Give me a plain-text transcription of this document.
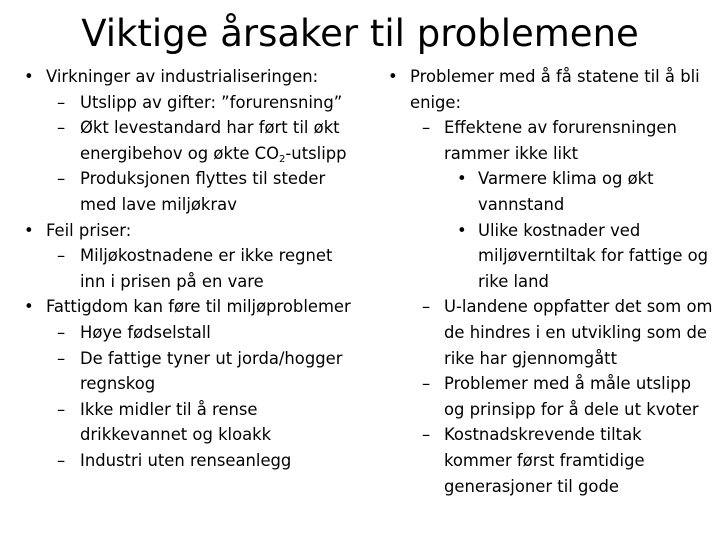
Viktige årsaker til problemene
• Virkninger av industrialiseringen:
– Utslipp av gifter: ”forurensning”
– Økt levestandard har ført til økt energibehov og økte $CO_2$-utslipp
– Produksjonen flyttes til steder med lave miljøkrav
• Feil priser:
– Miljøkostnadene er ikke regnet inn i prisen på en vare
• Fattigdom kan føre til miljøproblemer
– Høye fødselstall
– De fattige tyner ut jorda/hogger regnskog
– Ikke midler til å rense drikkevannet og kloakk
– Industri uten renseanlegg
• Problemer med å få statene til å bli enige:
– Effektene av forurensningen rammer ikke likt
• Varmere klima og økt vannstand
• Ulike kostnader ved miljøverntiltak for fattige og rike land
– U-landene oppfatter det som om de hindres i en utvikling som de rike har gjennomgått
– Problemer med å måle utslipp og prinsipp for å dele ut kvoter
– Kostnadskrevende tiltak kommer først framtidige generasjoner til gode
